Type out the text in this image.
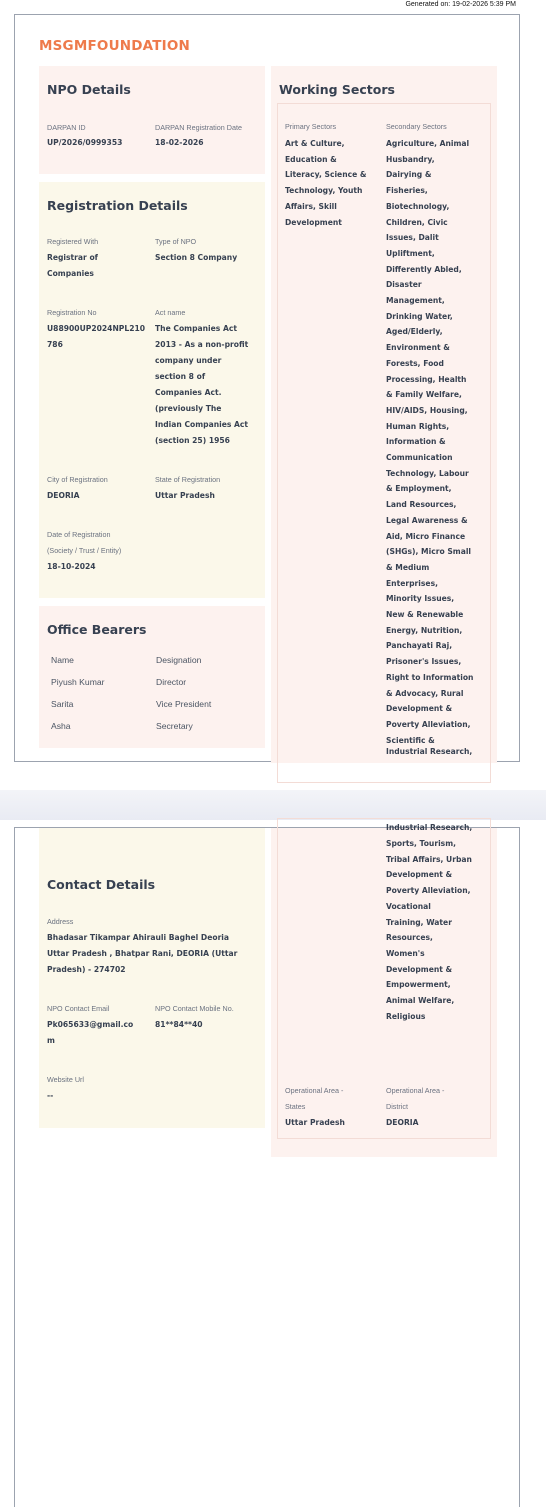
Generated on: 19-02-2026 5:39 PM
MSGMFOUNDATION
NPO Details
DARPAN ID
UP/2026/0999353
DARPAN Registration Date
18-02-2026
Registration Details
Registered With
Registrar of
Companies
Type of NPO
Section 8 Company
Registration No
U88900UP2024NPL210
786
Act name
The Companies Act
2013 - As a non-profit
company under
section 8 of
Companies Act.
(previously The
Indian Companies Act
(section 25) 1956
City of Registration
DEORIA
State of Registration
Uttar Pradesh
Date of Registration
(Society / Trust / Entity)
18-10-2024
Office Bearers
Name	Designation
Piyush Kumar	Director
Sarita	Vice President
Asha	Secretary
Working Sectors
Primary Sectors	Secondary Sectors
Art & Culture,
Education &
Literacy, Science &
Technology, Youth
Affairs, Skill
Development
Agriculture, Animal
Husbandry,
Dairying &
Fisheries,
Biotechnology,
Children, Civic
Issues, Dalit
Upliftment,
Differently Abled,
Disaster
Management,
Drinking Water,
Aged/Elderly,
Environment &
Forests, Food
Processing, Health
& Family Welfare,
HIV/AIDS, Housing,
Human Rights,
Information &
Communication
Technology, Labour
& Employment,
Land Resources,
Legal Awareness &
Aid, Micro Finance
(SHGs), Micro Small
& Medium
Enterprises,
Minority Issues,
New & Renewable
Energy, Nutrition,
Panchayati Raj,
Prisoner's Issues,
Right to Information
& Advocacy, Rural
Development &
Poverty Alleviation,
Scientific &
Industrial Research,
Contact Details
Address
Bhadasar Tikampar Ahirauli Baghel Deoria
Uttar Pradesh , Bhatpar Rani, DEORIA (Uttar
Pradesh) - 274702
NPO Contact Email
Pk065633@gmail.co
m
NPO Contact Mobile No.
81**84**40
Website Url
--
Industrial Research,
Sports, Tourism,
Tribal Affairs, Urban
Development &
Poverty Alleviation,
Vocational
Training, Water
Resources,
Women's
Development &
Empowerment,
Animal Welfare,
Religious
Operational Area -
States
Uttar Pradesh
Operational Area -
District
DEORIA
